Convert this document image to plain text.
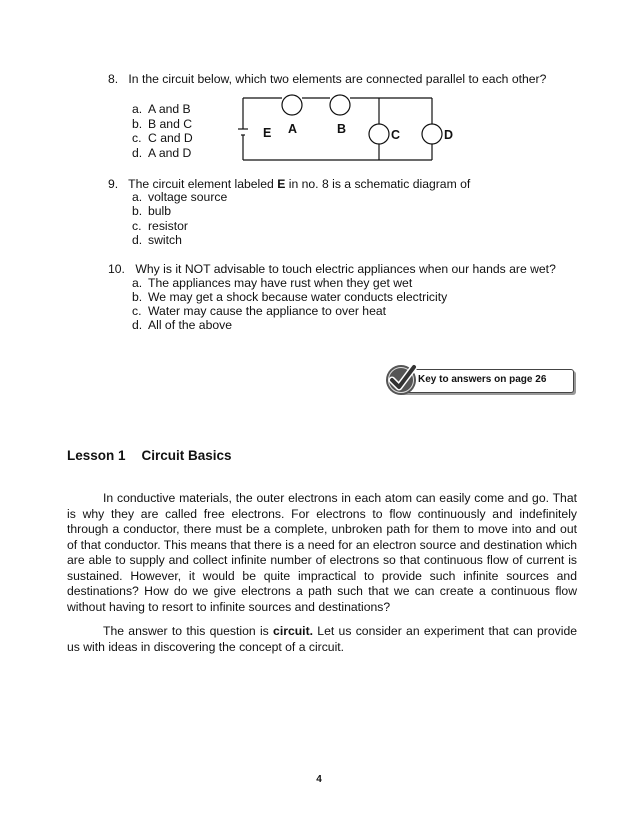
8. In the circuit below, which two elements are connected parallel to each other?
a. A and B
b. B and C
c. C and D
d. A and D
E A	B	C	D
9. The circuit element labeled E in no. 8 is a schematic diagram of
a. voltage source
b. bulb
c. resistor
d. switch
10. Why is it NOT advisable to touch electric appliances when our hands are wet?
a. The appliances may have rust when they get wet
b. We may get a shock because water conducts electricity
c. Water may cause the appliance to over heat
d. All of the above
Key to answers on page 26
Lesson 1 Circuit Basics
In conductive materials, the outer electrons in each atom can easily come and go. That is why they are called free electrons. For electrons to flow continuously and indefinitely through a conductor, there must be a complete, unbroken path for them to move into and out of that conductor. This means that there is a need for an electron source and destination which are able to supply and collect infinite number of electrons so that continuous flow of current is sustained. However, it would be quite impractical to provide such infinite sources and destinations? How do we give electrons a path such that we can create a continuous flow without having to resort to infinite sources and destinations?
The answer to this question is circuit. Let us consider an experiment that can provide us with ideas in discovering the concept of a circuit.
4
